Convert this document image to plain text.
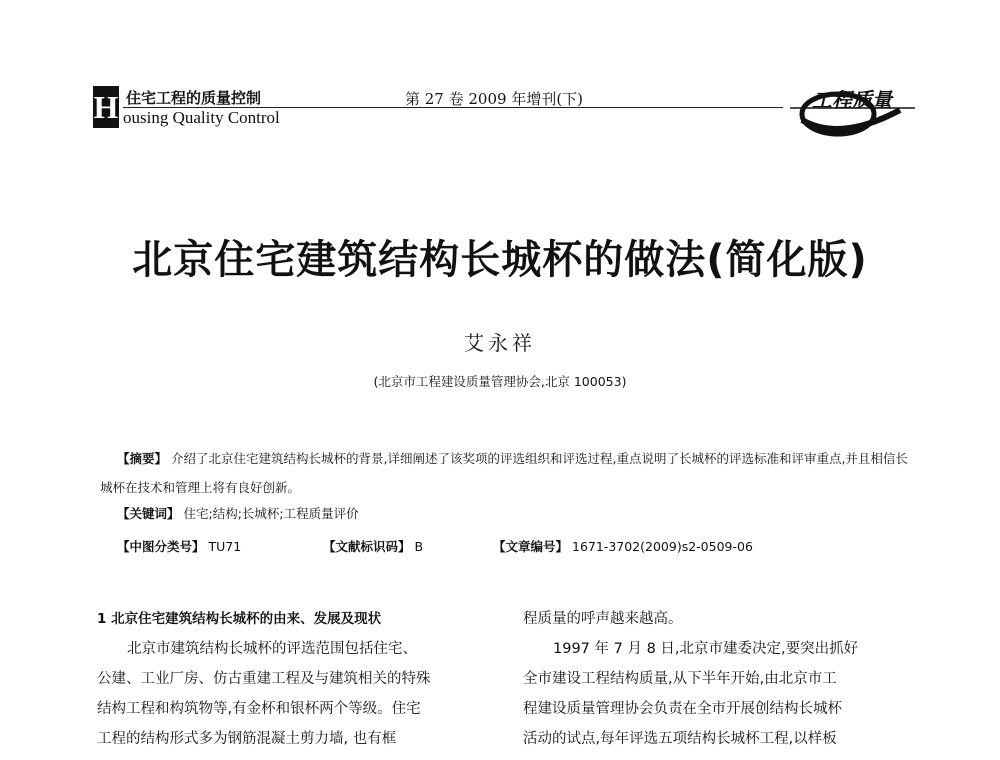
H 住宅工程的质量控制
ousing Quality Control
第 27 卷 2009 年增刊(下)	工程质量
北京住宅建筑结构长城杯的做法(简化版)
艾永祥
(北京市工程建设质量管理协会,北京 100053)
【摘要】 介绍了北京住宅建筑结构长城杯的背景,详细阐述了该奖项的评选组织和评选过程,重点说明了长城杯的评选标准和评审重点,并且相信长城杯在技术和管理上将有良好创新。
【关键词】 住宅;结构;长城杯;工程质量评价
【中图分类号】 TU71	【文献标识码】 B	【文章编号】 1671-3702(2009)s2-0509-06
1 北京住宅建筑结构长城杯的由来、发展及现状
北京市建筑结构长城杯的评选范围包括住宅、
公建、工业厂房、仿古重建工程及与建筑相关的特殊
结构工程和构筑物等,有金杯和银杯两个等级。住宅
工程的结构形式多为钢筋混凝土剪力墙, 也有框
程质量的呼声越来越高。
1997 年 7 月 8 日,北京市建委决定,要突出抓好
全市建设工程结构质量,从下半年开始,由北京市工
程建设质量管理协会负责在全市开展创结构长城杯
活动的试点,每年评选五项结构长城杯工程,以样板
